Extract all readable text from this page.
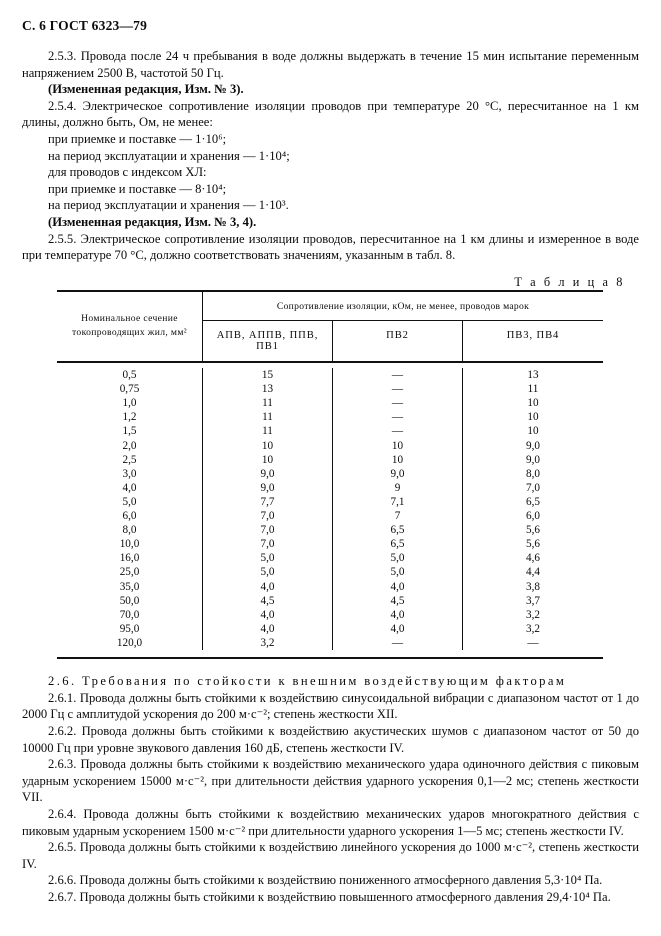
С. 6 ГОСТ 6323—79

2.5.3. Провода после 24 ч пребывания в воде должны выдержать в течение 15 мин испытание переменным напряжением 2500 В, частотой 50 Гц.

(Измененная редакция, Изм. № 3).

2.5.4. Электрическое сопротивление изоляции проводов при температуре 20 °С, пересчитанное на 1 км длины, должно быть, Ом, не менее:

при приемке и поставке — 1·10⁶;

на период эксплуатации и хранения — 1·10⁴;

для проводов с индексом ХЛ:

при приемке и поставке — 8·10⁴;

на период эксплуатации и хранения — 1·10³.

(Измененная редакция, Изм. № 3, 4).

2.5.5. Электрическое сопротивление изоляции проводов, пересчитанное на 1 км длины и измеренное в воде при температуре 70 °С, должно соответствовать значениям, указанным в табл. 8.

Т а б л и ц а 8
Номинальное сечение токопроводящих жил, мм²
Сопротивление изоляции, кОм, не менее, проводов марок
АПВ, АППВ, ППВ, ПВ1
ПВ2	ПВ3, ПВ4
0,5
0,75
1,0
1,2
1,5
2,0
2,5
3,0
4,0
5,0
6,0
8,0
10,0
16,0
25,0
35,0
50,0
70,0
95,0
120,0
15
13
11
11
11
10
10
9,0
9,0
7,7
7,0
7,0
7,0
5,0
5,0
4,0
4,5
4,0
4,0
3,2
—
—
—
—
—
10
10
9,0
9
7,1
7
6,5
6,5
5,0
5,0
4,0
4,5
4,0
4,0
—
13
11
10
10
10
9,0
9,0
8,0
7,0
6,5
6,0
5,6
5,6
4,6
4,4
3,8
3,7
3,2
3,2
—

2.6. Требования по стойкости к внешним воздействующим факторам

2.6.1. Провода должны быть стойкими к воздействию синусоидальной вибрации с диапазоном частот от 1 до 2000 Гц с амплитудой ускорения до 200 м·с⁻²; степень жесткости XII.

2.6.2. Провода должны быть стойкими к воздействию акустических шумов с диапазоном частот от 50 до 10000 Гц при уровне звукового давления 160 дБ, степень жесткости IV.

2.6.3. Провода должны быть стойкими к воздействию механического удара одиночного действия с пиковым ударным ускорением 15000 м·с⁻², при длительности действия ударного ускорения 0,1—2 мс; степень жесткости VII.

2.6.4. Провода должны быть стойкими к воздействию механических ударов многократного действия с пиковым ударным ускорением 1500 м·с⁻² при длительности ударного ускорения 1—5 мс; степень жесткости IV.

2.6.5. Провода должны быть стойкими к воздействию линейного ускорения до 1000 м·с⁻², степень жесткости IV.

2.6.6. Провода должны быть стойкими к воздействию пониженного атмосферного давления 5,3·10⁴ Па.

2.6.7. Провода должны быть стойкими к воздействию повышенного атмосферного давления 29,4·10⁴ Па.
